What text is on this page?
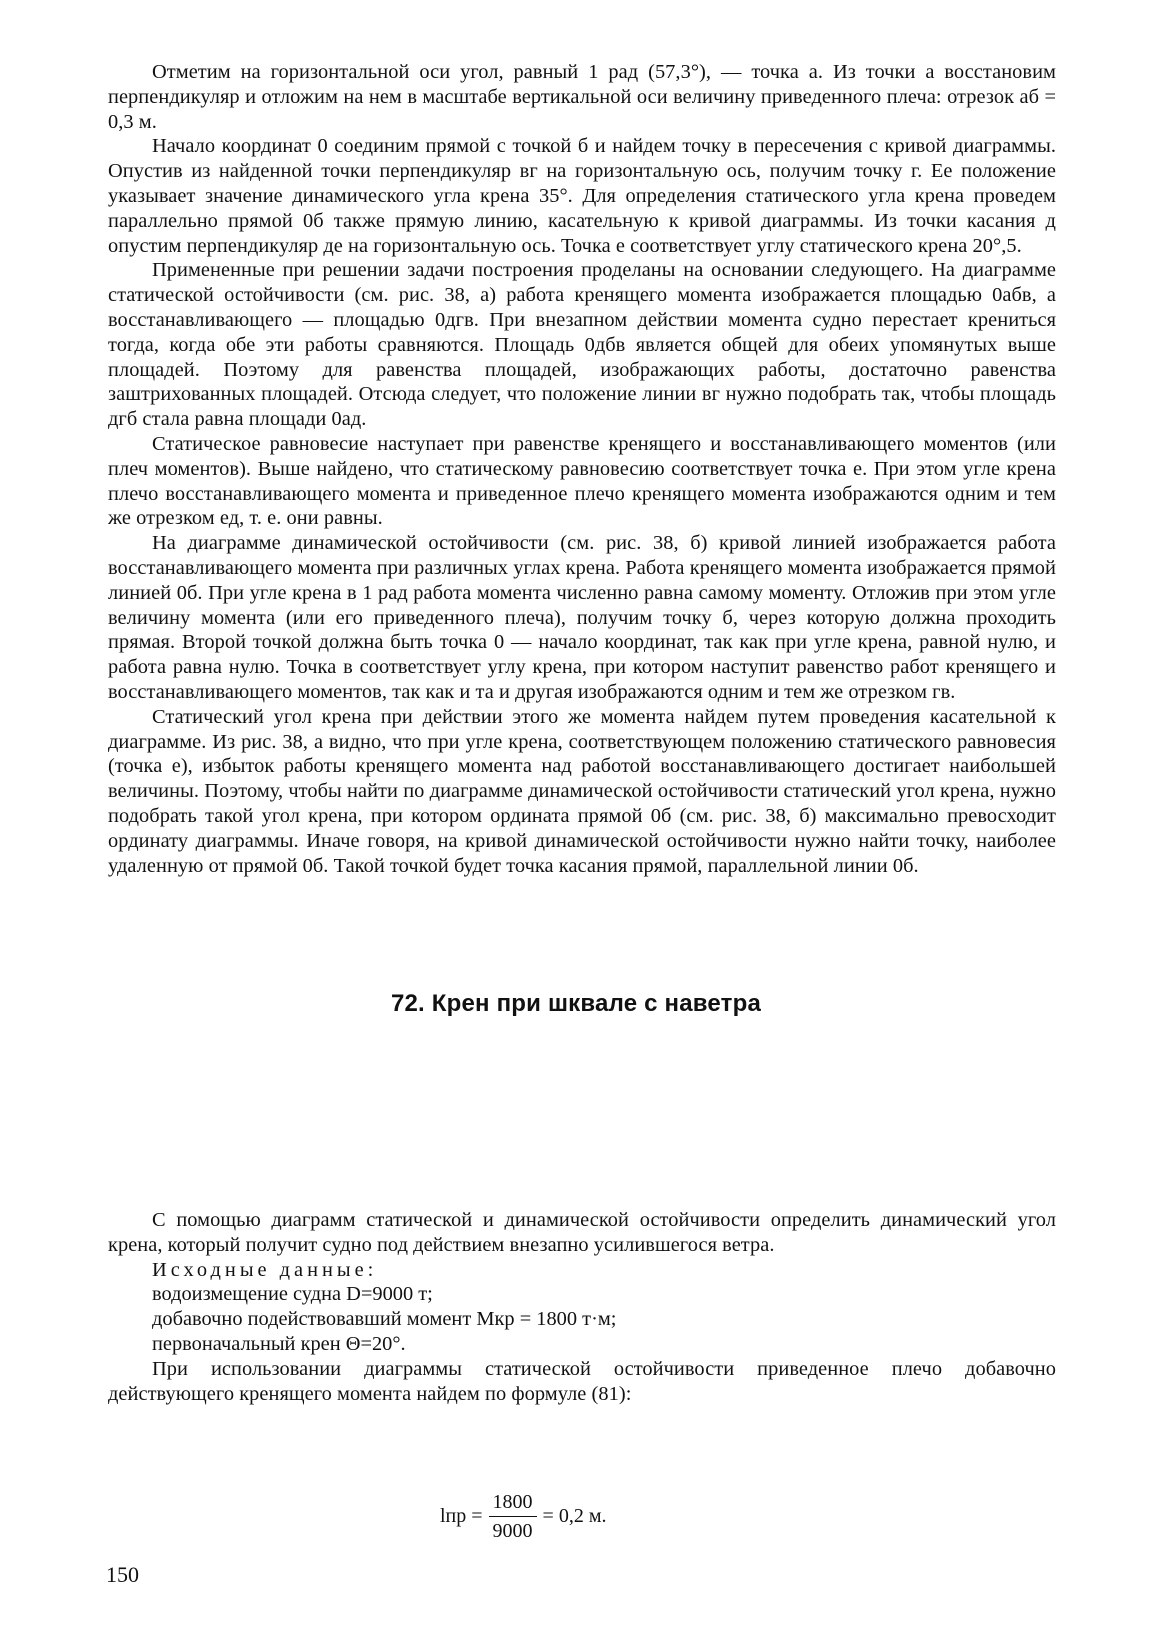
Отметим на горизонтальной оси угол, равный 1 рад (57,3°), — точка а. Из точки а восстановим перпендикуляр и отложим на нем в масштабе вертикальной оси величину приведенного плеча: отрезок аб = 0,3 м.

Начало координат 0 соединим прямой с точкой б и найдем точку в пересечения с кривой диаграммы. Опустив из найденной точки перпендикуляр вг на горизонтальную ось, получим точку г. Ее положение указывает значение динамического угла крена 35°. Для определения статического угла крена проведем параллельно прямой 0б также прямую линию, касательную к кривой диаграммы. Из точки касания д опустим перпендикуляр де на горизонтальную ось. Точка е соответствует углу статического крена 20°,5.

Примененные при решении задачи построения проделаны на основании следующего. На диаграмме статической остойчивости (см. рис. 38, а) работа кренящего момента изображается площадью 0абв, а восстанавливающего — площадью 0дгв. При внезапном действии момента судно перестает крениться тогда, когда обе эти работы сравняются. Площадь 0дбв является общей для обеих упомянутых выше площадей. Поэтому для равенства площадей, изображающих работы, достаточно равенства заштрихованных площадей. Отсюда следует, что положение линии вг нужно подобрать так, чтобы площадь дгб стала равна площади 0ад.

Статическое равновесие наступает при равенстве кренящего и восстанавливающего моментов (или плеч моментов). Выше найдено, что статическому равновесию соответствует точка е. При этом угле крена плечо восстанавливающего момента и приведенное плечо кренящего момента изображаются одним и тем же отрезком ед, т. е. они равны.

На диаграмме динамической остойчивости (см. рис. 38, б) кривой линией изображается работа восстанавливающего момента при различных углах крена. Работа кренящего момента изображается прямой линией 0б. При угле крена в 1 рад работа момента численно равна самому моменту. Отложив при этом угле величину момента (или его приведенного плеча), получим точку б, через которую должна проходить прямая. Второй точкой должна быть точка 0 — начало координат, так как при угле крена, равной нулю, и работа равна нулю. Точка в соответствует углу крена, при котором наступит равенство работ кренящего и восстанавливающего моментов, так как и та и другая изображаются одним и тем же отрезком гв.

Статический угол крена при действии этого же момента найдем путем проведения касательной к диаграмме. Из рис. 38, а видно, что при угле крена, соответствующем положению статического равновесия (точка е), избыток работы кренящего момента над работой восстанавливающего достигает наибольшей величины. Поэтому, чтобы найти по диаграмме динамической остойчивости статический угол крена, нужно подобрать такой угол крена, при котором ордината прямой 0б (см. рис. 38, б) максимально превосходит ординату диаграммы. Иначе говоря, на кривой динамической остойчивости нужно найти точку, наиболее удаленную от прямой 0б. Такой точкой будет точка касания прямой, параллельной линии 0б.

72. Крен при шквале с наветра

С помощью диаграмм статической и динамической остойчивости определить динамический угол крена, который получит судно под действием внезапно усилившегося ветра.

Исходные данные:

водоизмещение судна D=9000 т;

добавочно подействовавший момент Мкр = 1800 т·м;

первоначальный крен Θ=20°.

При использовании диаграммы статической остойчивости приведенное плечо добавочно действующего кренящего момента найдем по формуле (81):

lпр = $\frac{1800}{9000} = 0,2$ м.
150
